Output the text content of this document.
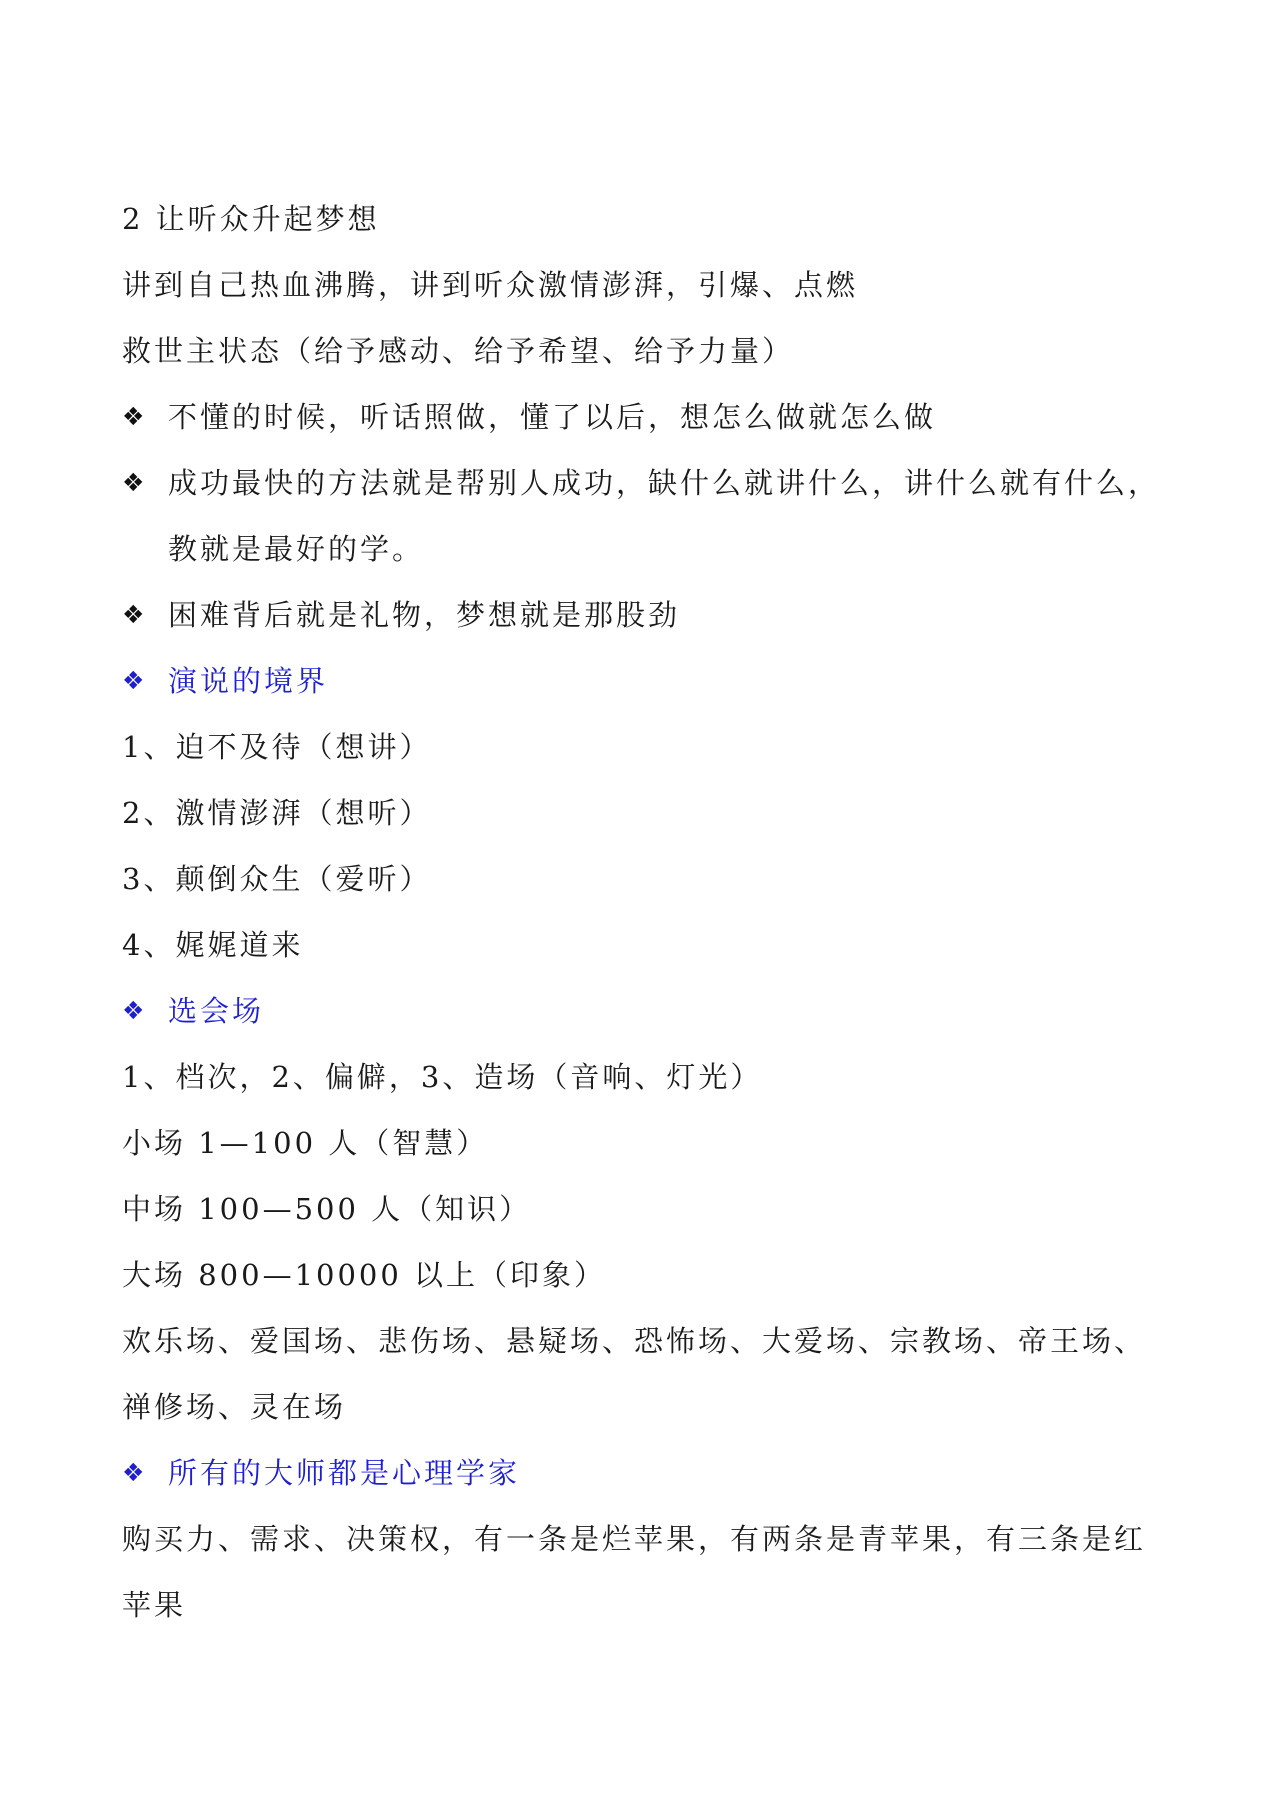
2 让听众升起梦想
讲到自己热血沸腾，讲到听众激情澎湃，引爆、点燃
救世主状态（给予感动、给予希望、给予力量）
❖ 不懂的时候，听话照做，懂了以后，想怎么做就怎么做
❖ 成功最快的方法就是帮别人成功，缺什么就讲什么，讲什么就有什么，教就是最好的学。
❖ 困难背后就是礼物，梦想就是那股劲
❖ 演说的境界
1、迫不及待（想讲）
2、激情澎湃（想听）
3、颠倒众生（爱听）
4、娓娓道来
❖ 选会场
1、档次，2、偏僻，3、造场（音响、灯光）
小场 1—100 人（智慧）
中场 100—500 人（知识）
大场 800—10000 以上（印象）
欢乐场、爱国场、悲伤场、悬疑场、恐怖场、大爱场、宗教场、帝王场、禅修场、灵在场
❖ 所有的大师都是心理学家
购买力、需求、决策权，有一条是烂苹果，有两条是青苹果，有三条是红苹果
